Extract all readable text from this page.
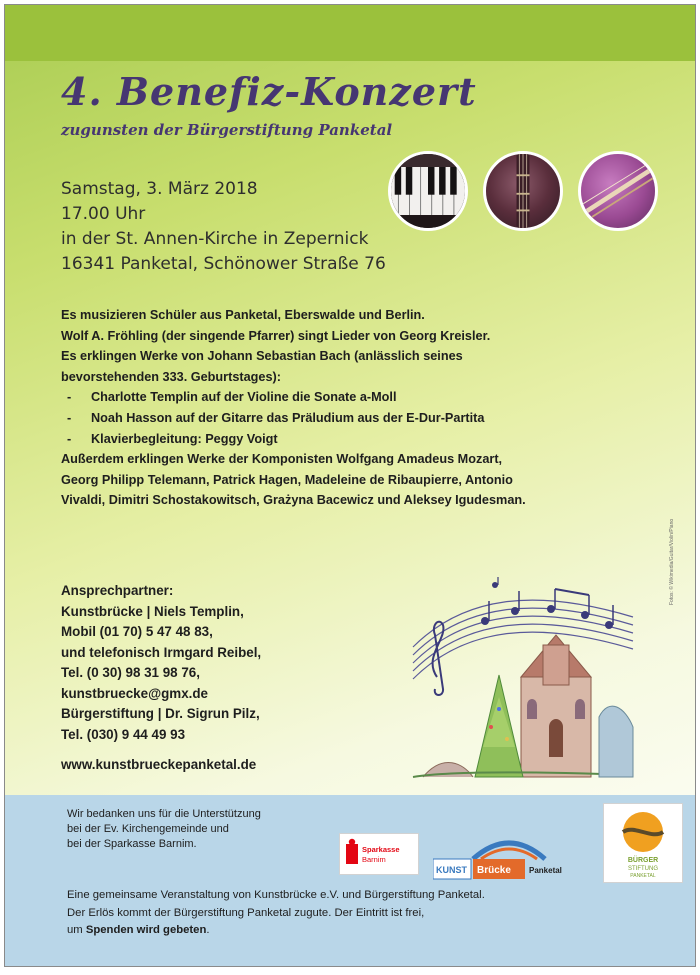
4. Benefiz-Konzert
zugunsten der Bürgerstiftung Panketal
Samstag, 3. März 2018
17.00 Uhr
in der St. Annen-Kirche in Zepernick
16341 Panketal, Schönower Straße 76
Es musizieren Schüler aus Panketal, Eberswalde und Berlin.
Wolf A. Fröhling (der singende Pfarrer) singt Lieder von Georg Kreisler.
Es erklingen Werke von Johann Sebastian Bach (anlässlich seines
bevorstehenden 333. Geburtstages):
- Charlotte Templin auf der Violine die Sonate a-Moll
- Noah Hasson auf der Gitarre das Präludium aus der E-Dur-Partita
- Klavierbegleitung: Peggy Voigt
Außerdem erklingen Werke der Komponisten Wolfgang Amadeus Mozart,
Georg Philipp Telemann, Patrick Hagen, Madeleine de Ribaupierre, Antonio
Vivaldi, Dimitri Schostakowitsch, Grażyna Bacewicz und Aleksey Igudesman.
Ansprechpartner:
Kunstbrücke | Niels Templin,
Mobil (01 70) 5 47 48 83,
und telefonisch Irmgard Reibel,
Tel. (0 30) 98 31 98 76,
kunstbruecke@gmx.de
Bürgerstiftung | Dr. Sigrun Pilz,
Tel. (030) 9 44 49 93
www.kunstbrueckepanketal.de
Fotos: © Wikimedia/Guitar/Violin/Piano
Wir bedanken uns für die Unterstützung
bei der Ev. Kirchengemeinde und
bei der Sparkasse Barnim.	Sparkasse
Barnim
KUNST Brücke Panketal
BÜRGER
STIFTUNG
PANKETAL
Eine gemeinsame Veranstaltung von Kunstbrücke e.V. und Bürgerstiftung Panketal.
Der Erlös kommt der Bürgerstiftung Panketal zugute. Der Eintritt ist frei,
um Spenden wird gebeten.
